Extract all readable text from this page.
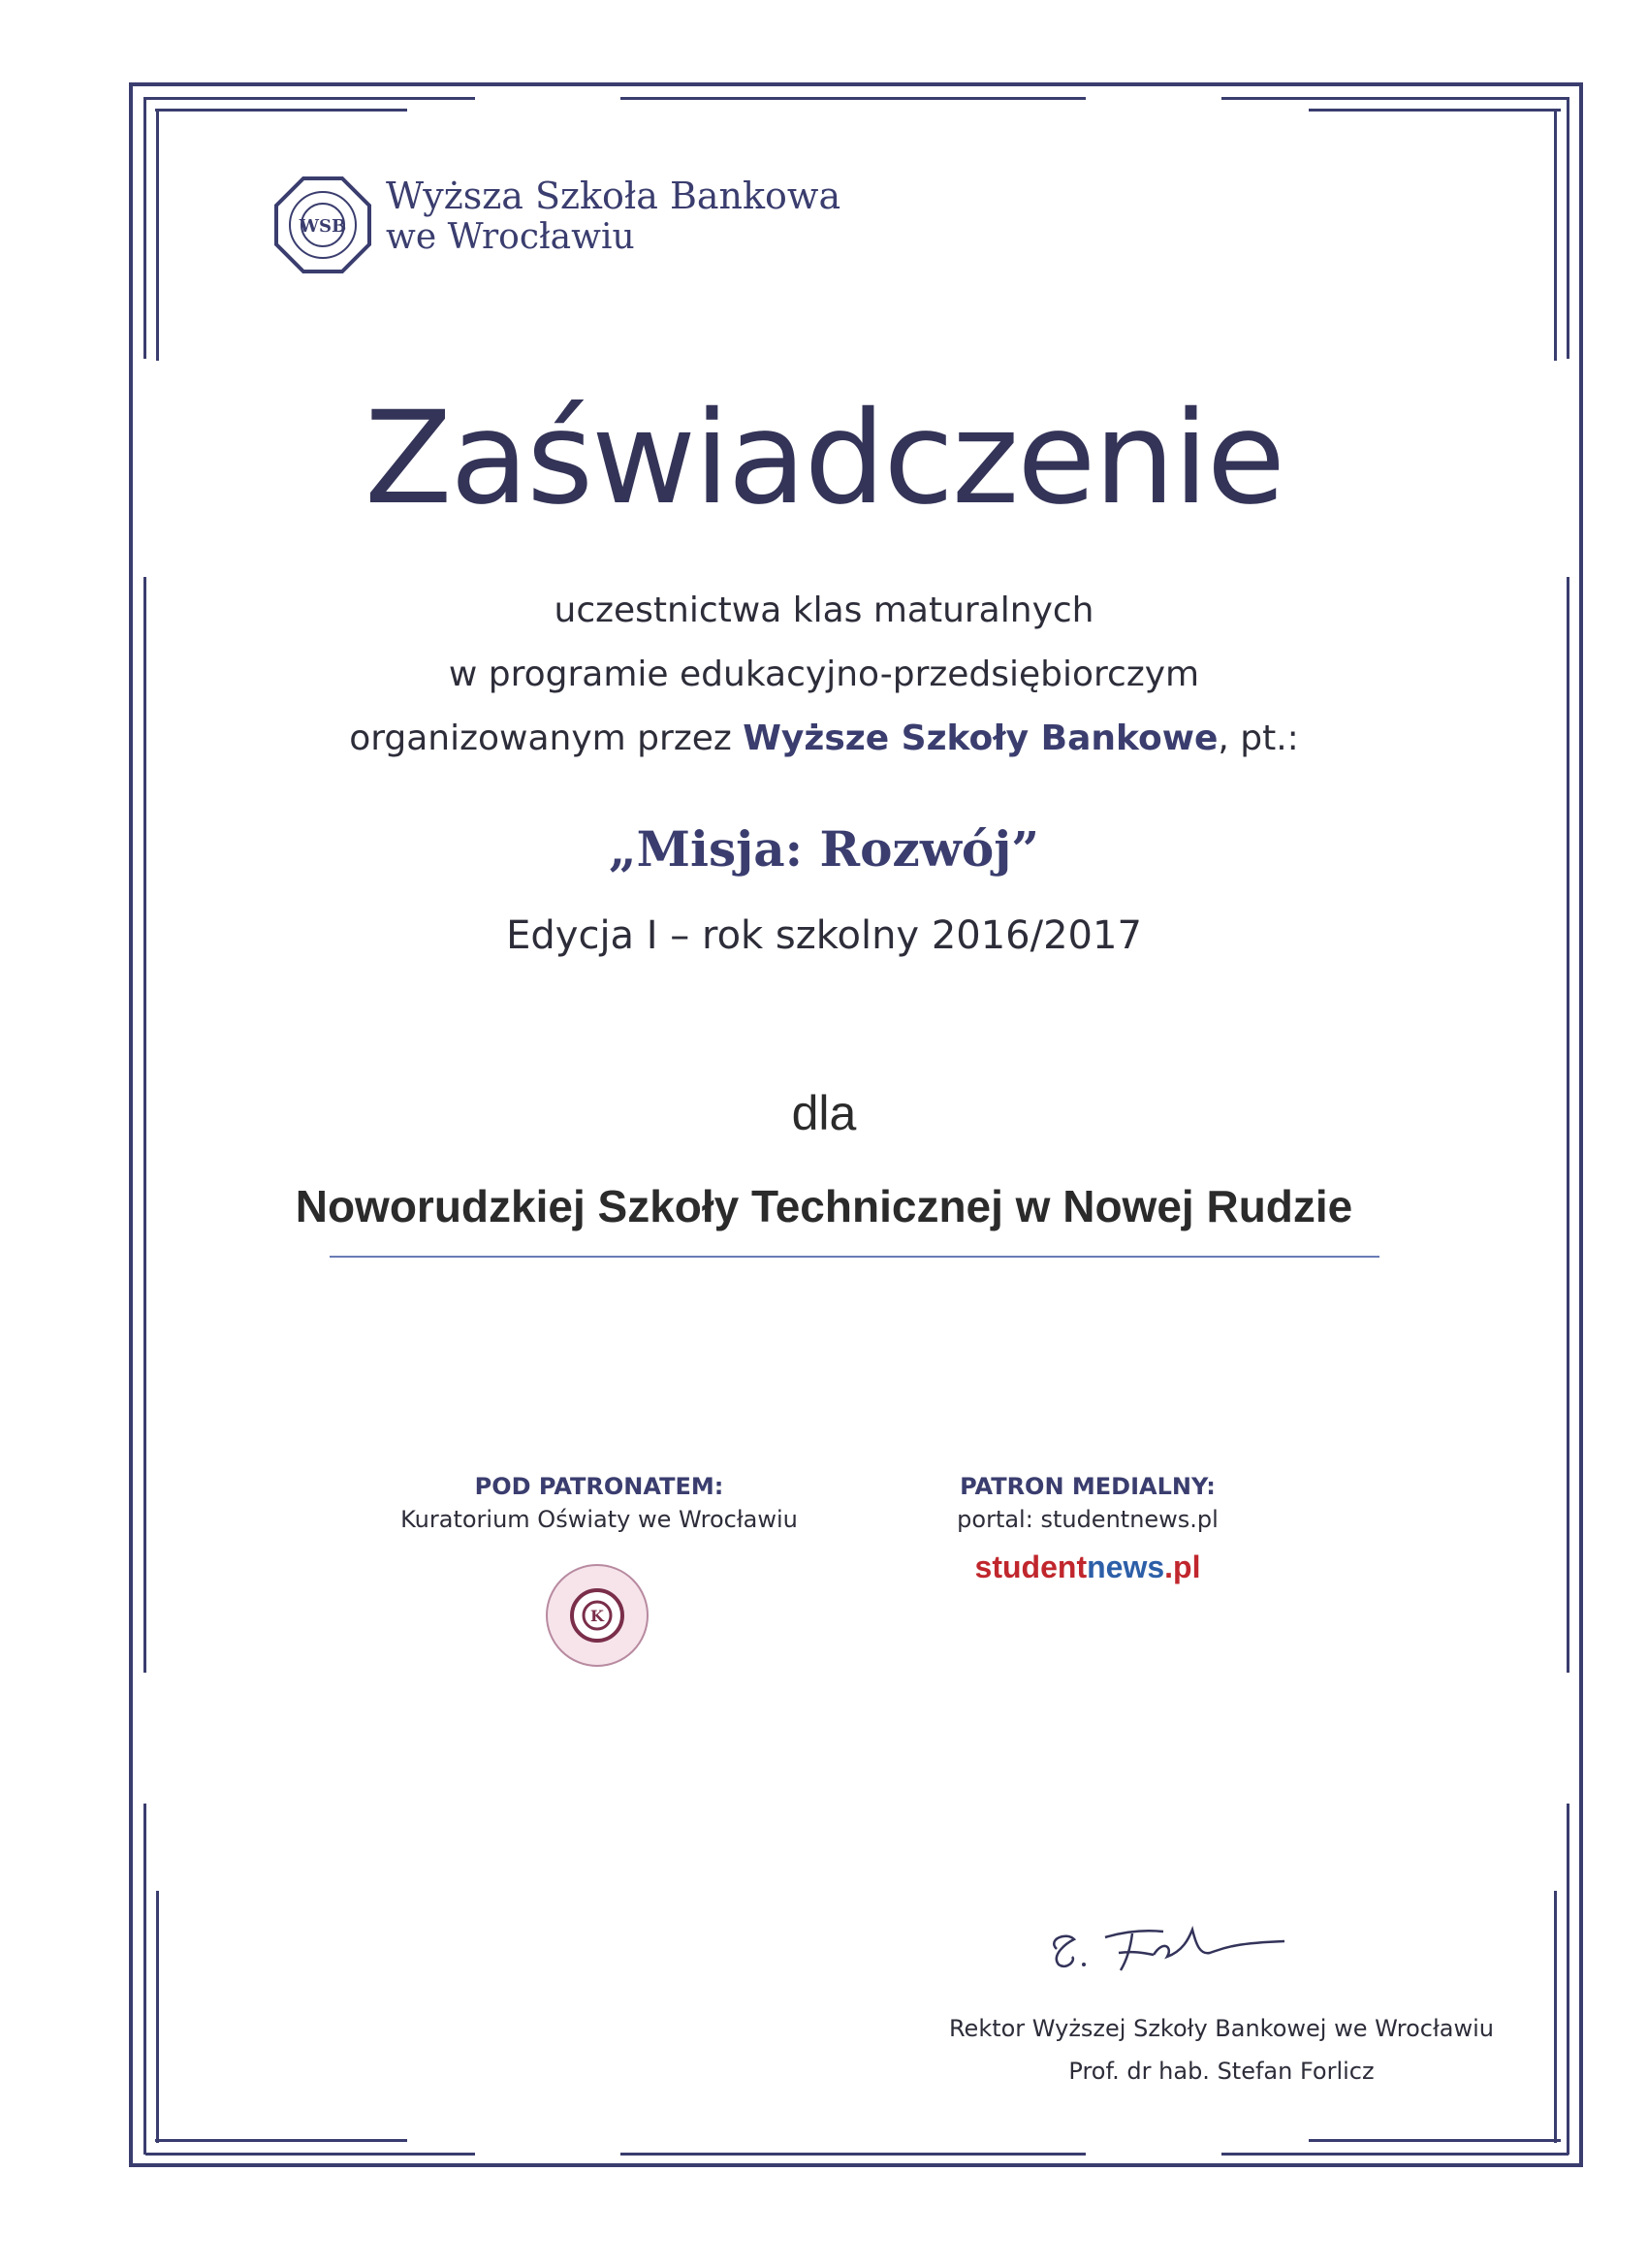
WSB
Wyższa Szkoła Bankowa
we Wrocławiu
Zaświadczenie
uczestnictwa klas maturalnych
w programie edukacyjno-przedsiębiorczym
organizowanym przez Wyższe Szkoły Bankowe, pt.:
„Misja: Rozwój”
Edycja I – rok szkolny 2016/2017
dla
Noworudzkiej Szkoły Technicznej w Nowej Rudzie
POD PATRONATEM:
Kuratorium Oświaty we Wrocławiu
K
PATRON MEDIALNY:
portal: studentnews.pl
studentnews.pl
Rektor Wyższej Szkoły Bankowej we Wrocławiu
Prof. dr hab. Stefan Forlicz
